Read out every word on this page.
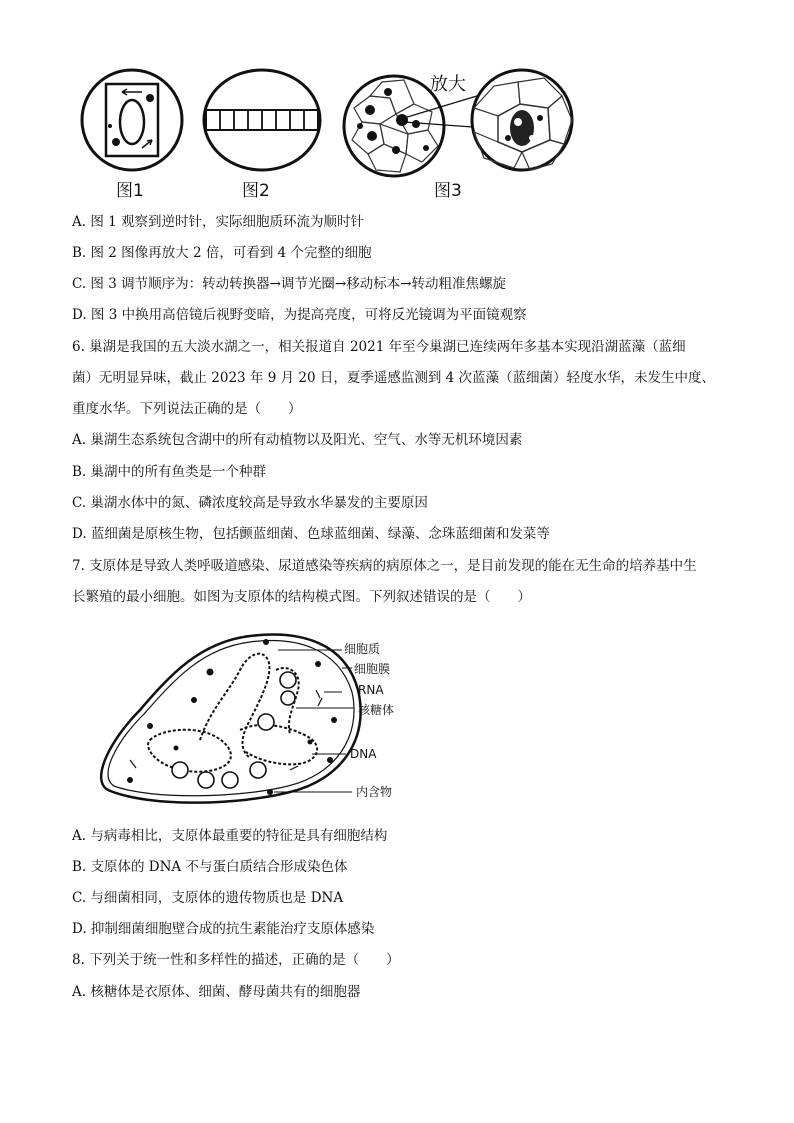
图1	图2	图3
放大
A. 图 1 观察到逆时针，实际细胞质环流为顺时针
B. 图 2 图像再放大 2 倍，可看到 4 个完整的细胞
C. 图 3 调节顺序为：转动转换器→调节光圈→移动标本→转动粗准焦螺旋
D. 图 3 中换用高倍镜后视野变暗，为提高亮度，可将反光镜调为平面镜观察
6. 巢湖是我国的五大淡水湖之一，相关报道自 2021 年至今巢湖已连续两年多基本实现沿湖蓝藻（蓝细
菌）无明显异味，截止 2023 年 9 月 20 日，夏季遥感监测到 4 次蓝藻（蓝细菌）轻度水华，未发生中度、
重度水华。下列说法正确的是（　　）
A. 巢湖生态系统包含湖中的所有动植物以及阳光、空气、水等无机环境因素
B. 巢湖中的所有鱼类是一个种群
C. 巢湖水体中的氮、磷浓度较高是导致水华暴发的主要原因
D. 蓝细菌是原核生物，包括颤蓝细菌、色球蓝细菌、绿藻、念珠蓝细菌和发菜等
7. 支原体是导致人类呼吸道感染、尿道感染等疾病的病原体之一，是目前发现的能在无生命的培养基中生
长繁殖的最小细胞。如图为支原体的结构模式图。下列叙述错误的是（　　）
细胞质
细胞膜
RNA
核糖体
DNA
内含物
A. 与病毒相比，支原体最重要的特征是具有细胞结构
B. 支原体的 DNA 不与蛋白质结合形成染色体
C. 与细菌相同，支原体的遗传物质也是 DNA
D. 抑制细菌细胞壁合成的抗生素能治疗支原体感染
8. 下列关于统一性和多样性的描述，正确的是（　　）
A. 核糖体是衣原体、细菌、酵母菌共有的细胞器
